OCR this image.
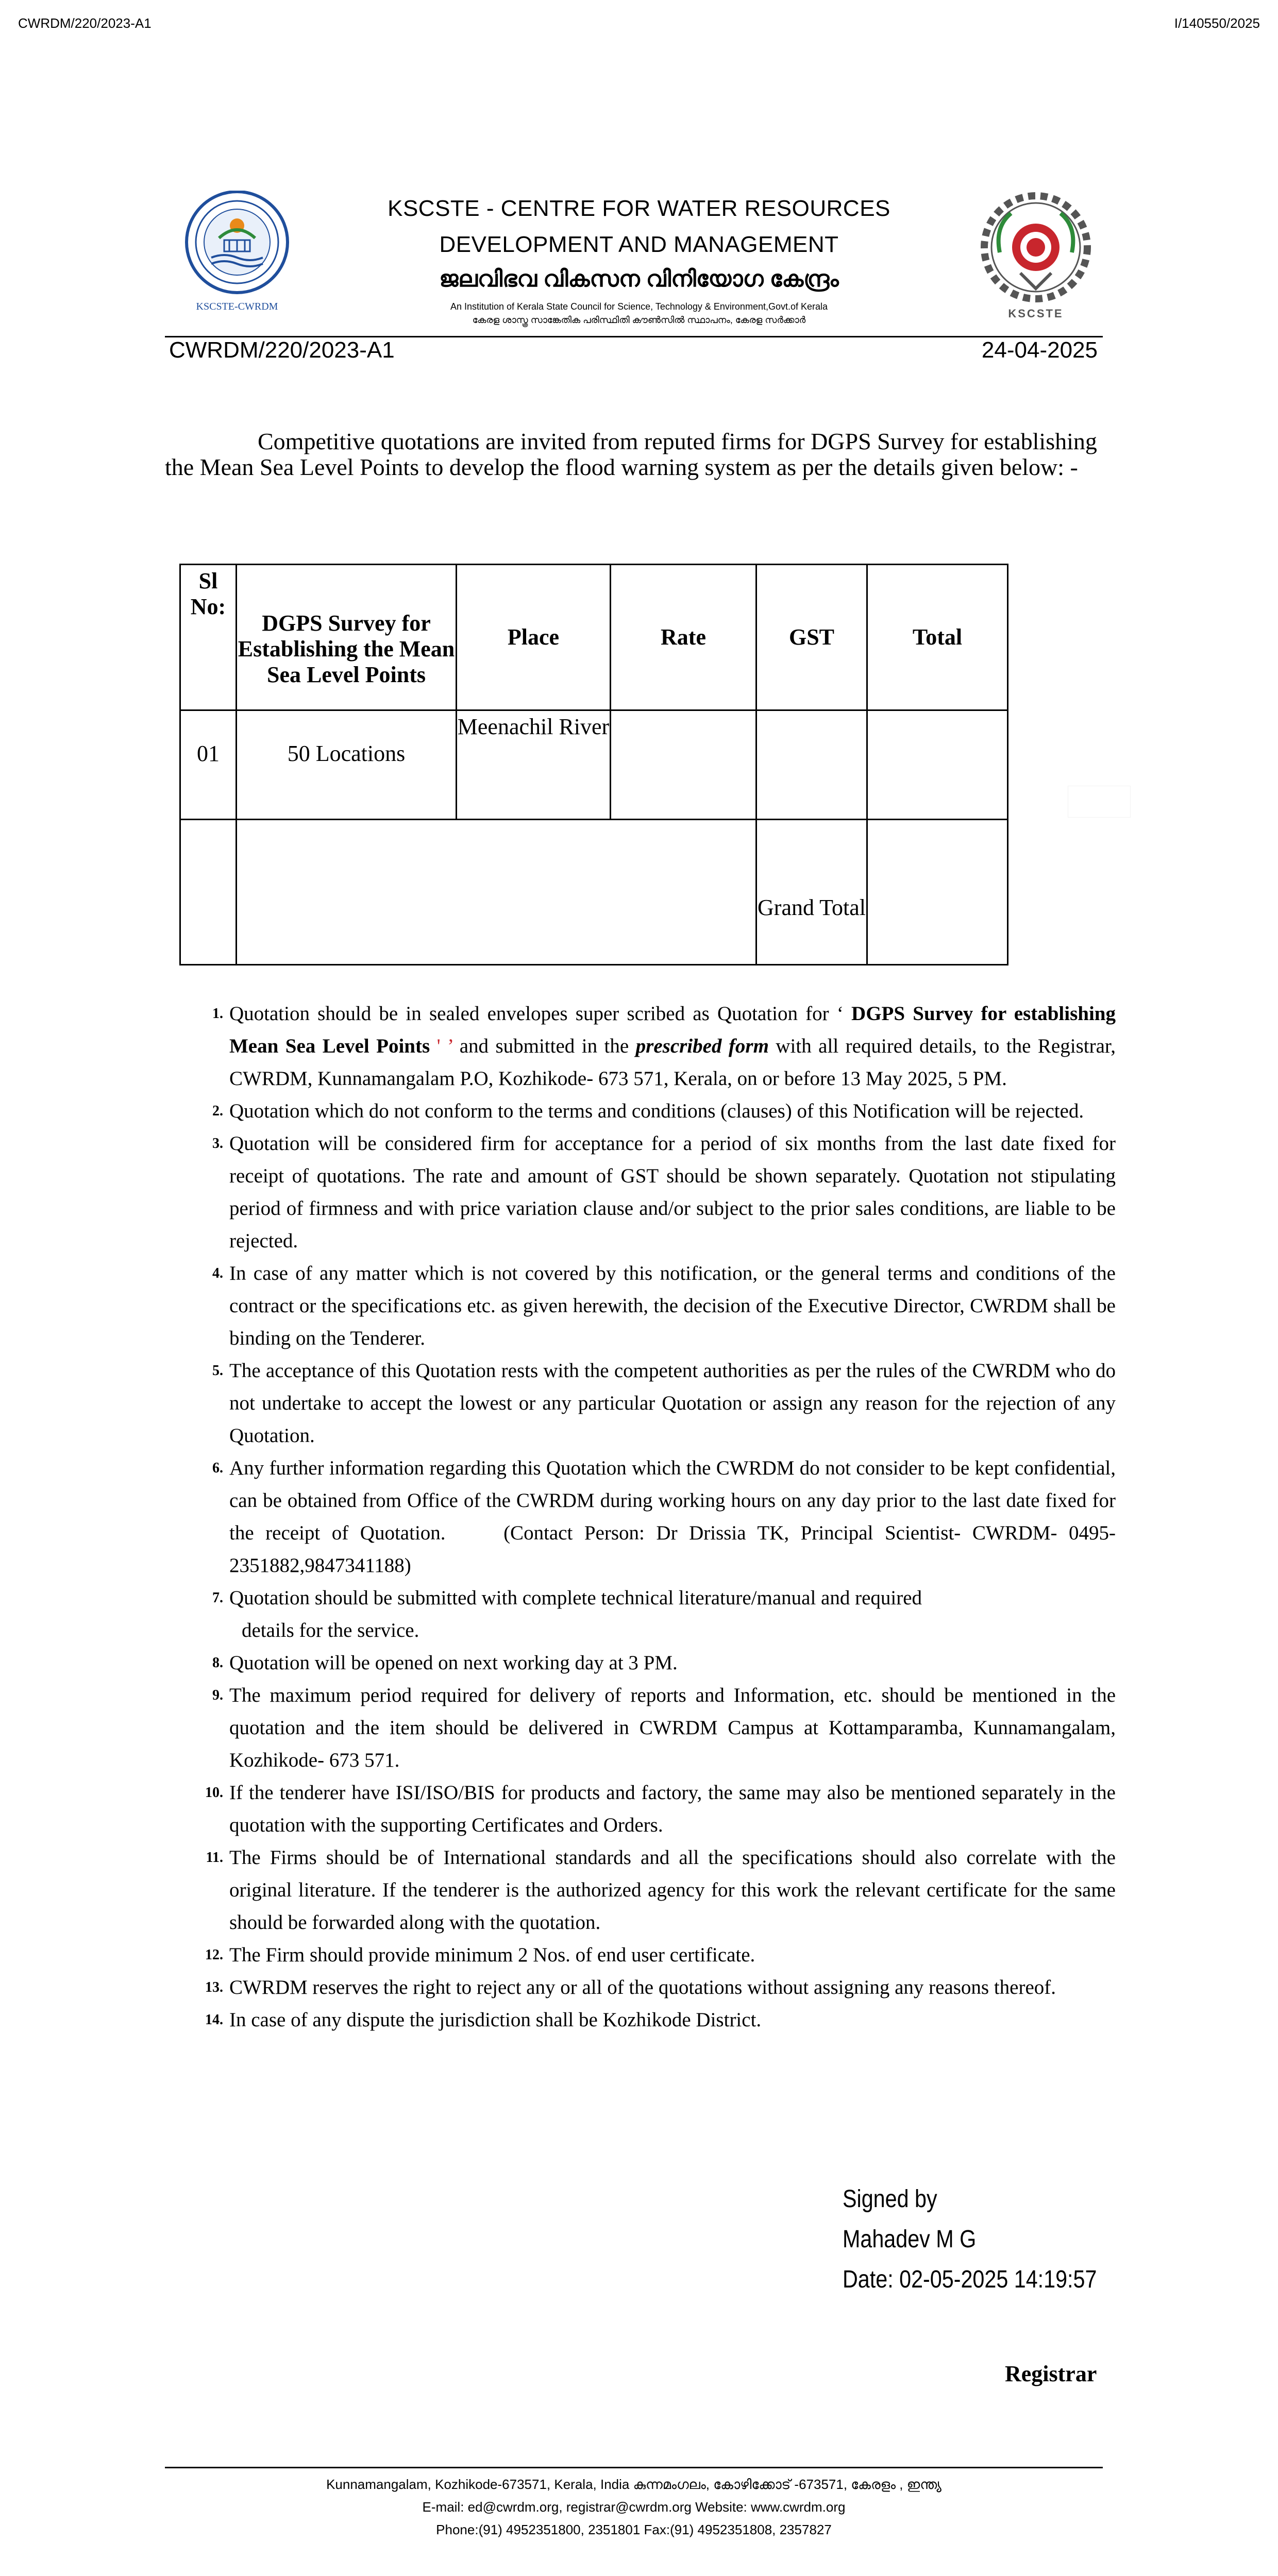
CWRDM/220/2023-A1	I/140550/2025
KSCSTE-CWRDM
KSCSTE - CENTRE FOR WATER RESOURCES
DEVELOPMENT AND MANAGEMENT
ജലവിഭവ വികസന വിനിയോഗ കേന്ദ്രം
An Institution of Kerala State Council for Science, Technology & Environment,Govt.of Kerala
കേരള ശാസ്ത്ര സാങ്കേതിക പരിസ്ഥിതി കൗൺസിൽ സ്ഥാപനം, കേരള സർക്കാർ	KSCSTE
CWRDM/220/2023-A1	24-04-2025
Competitive quotations are invited from reputed firms for DGPS Survey for establishing the Mean Sea Level Points to develop the flood warning system as per the details given below: -
Sl No:	DGPS Survey for Establishing the Mean Sea Level Points	Place	Rate	GST	Total
01	50 Locations	Meenachil River			
				Grand Total	
1. Quotation should be in sealed envelopes super scribed as Quotation for ‘ DGPS Survey for establishing Mean Sea Level Points ' ’ and submitted in the prescribed form with all required details, to the Registrar, CWRDM, Kunnamangalam P.O, Kozhikode- 673 571, Kerala, on or before 13 May 2025, 5 PM.
2. Quotation which do not conform to the terms and conditions (clauses) of this Notification will be rejected.
3. Quotation will be considered firm for acceptance for a period of six months from the last date fixed for receipt of quotations. The rate and amount of GST should be shown separately. Quotation not stipulating period of firmness and with price variation clause and/or subject to the prior sales conditions, are liable to be rejected.
4. In case of any matter which is not covered by this notification, or the general terms and conditions of the contract or the specifications etc. as given herewith, the decision of the Executive Director, CWRDM shall be binding on the Tenderer.
5. The acceptance of this Quotation rests with the competent authorities as per the rules of the CWRDM who do not undertake to accept the lowest or any particular Quotation or assign any reason for the rejection of any Quotation.
6. Any further information regarding this Quotation which the CWRDM do not consider to be kept confidential, can be obtained from Office of the CWRDM during working hours on any day prior to the last date fixed for the receipt of Quotation.	(Contact Person: Dr Drissia TK, Principal Scientist- CWRDM- 0495-2351882,9847341188)
7. Quotation should be submitted with complete technical literature/manual and required
details for the service.
8. Quotation will be opened on next working day at 3 PM.
9. The maximum period required for delivery of reports and Information, etc. should be mentioned in the quotation and the item should be delivered in CWRDM Campus at Kottamparamba, Kunnamangalam, Kozhikode- 673 571.
10. If the tenderer have ISI/ISO/BIS for products and factory, the same may also be mentioned separately in the quotation with the supporting Certificates and Orders.
11. The Firms should be of International standards and all the specifications should also correlate with the original literature. If the tenderer is the authorized agency for this work the relevant certificate for the same should be forwarded along with the quotation.
12. The Firm should provide minimum 2 Nos. of end user certificate.
13. CWRDM reserves the right to reject any or all of the quotations without assigning any reasons thereof.
14. In case of any dispute the jurisdiction shall be Kozhikode District.
Signed by
Mahadev M G
Date: 02-05-2025 14:19:57
Registrar
Kunnamangalam, Kozhikode-673571, Kerala, India കുന്നമംഗലം, കോഴിക്കോട് -673571, കേരളം , ഇന്ത്യ
E-mail: ed@cwrdm.org, registrar@cwrdm.org Website: www.cwrdm.org
Phone:(91) 4952351800, 2351801 Fax:(91) 4952351808, 2357827
